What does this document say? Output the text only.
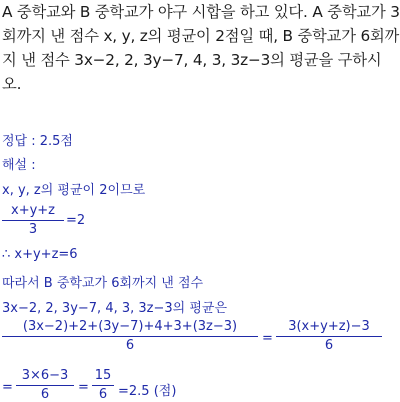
A 중학교와 B 중학교가 야구 시합을 하고 있다. A 중학교가 3
회까지 낸 점수 x, y, z의 평균이 2점일 때, B 중학교가 6회까
지 낸 점수 3x−2, 2, 3y−7, 4, 3, 3z−3의 평균을 구하시
오.
정답 : 2.5점
해설 :
x, y, z의 평균이 2이므로
x+y+z
3
=2
∴ x+y+z=6
따라서 B 중학교가 6회까지 낸 점수
3x−2, 2, 3y−7, 4, 3, 3z−3의 평균은
(3x−2)+2+(3y−7)+4+3+(3z−3)
6	=
3(x+y+z)−3
6
=
3×6−3
6	=
15
6 =2.5 (점)
